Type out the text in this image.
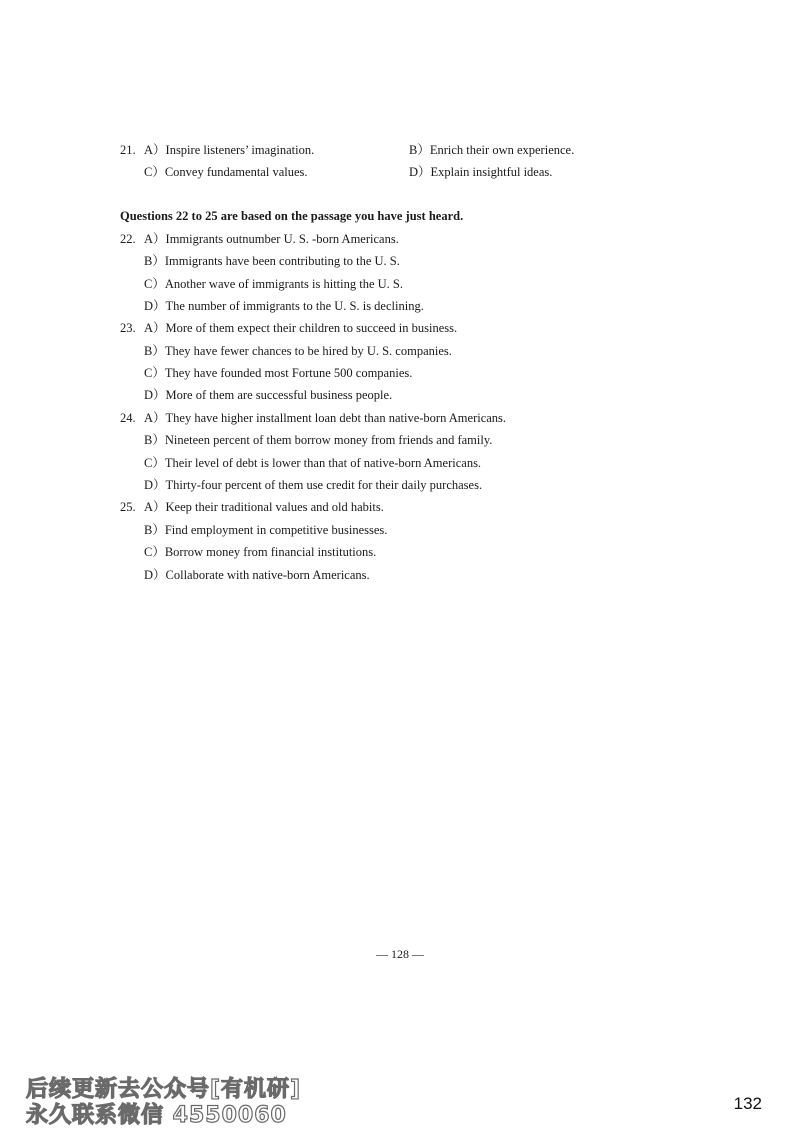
21. A）Inspire listeners’ imagination.	B）Enrich their own experience.
C）Convey fundamental values.	D）Explain insightful ideas.
Questions 22 to 25 are based on the passage you have just heard.
22. A）Immigrants outnumber U. S. -born Americans.
B）Immigrants have been contributing to the U. S.
C）Another wave of immigrants is hitting the U. S.
D）The number of immigrants to the U. S. is declining.
23. A）More of them expect their children to succeed in business.
B）They have fewer chances to be hired by U. S. companies.
C）They have founded most Fortune 500 companies.
D）More of them are successful business people.
24. A）They have higher installment loan debt than native-born Americans.
B）Nineteen percent of them borrow money from friends and family.
C）Their level of debt is lower than that of native-born Americans.
D）Thirty-four percent of them use credit for their daily purchases.
25. A）Keep their traditional values and old habits.
B）Find employment in competitive businesses.
C）Borrow money from financial institutions.
D）Collaborate with native-born Americans.
— 128 —
后续更新去公众号[有机研]
永久联系微信 4550060	132
